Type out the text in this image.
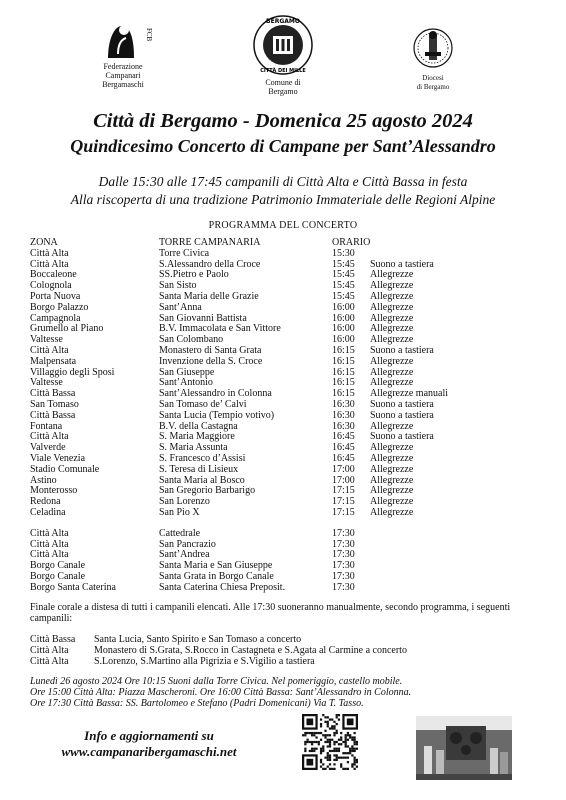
FCB
Federazione
Campanari
Bergamaschi
BERGAMO
CITTÀ DEI MILLE
Comune di
Bergamo
Diocesi
di Bergamo
Città di Bergamo - Domenica 25 agosto 2024
Quindicesimo Concerto di Campane per Sant’Alessandro
Dalle 15:30 alle 17:45 campanili di Città Alta e Città Bassa in festa
Alla riscoperta di una tradizione Patrimonio Immateriale delle Regioni Alpine
PROGRAMMA DEL CONCERTO
ZONA	TORRE CAMPANARIA	ORARIO
Città Alta	Torre Civica	15:30
Città Alta	S.Alessandro della Croce	15:45 Suono a tastiera
Boccaleone	SS.Pietro e Paolo	15:45 Allegrezze
Colognola	San Sisto	15:45 Allegrezze
Porta Nuova	Santa Maria delle Grazie	15:45 Allegrezze
Borgo Palazzo	Sant’Anna	16:00 Allegrezze
Campagnola	San Giovanni Battista	16:00 Allegrezze
Grumello al Piano	B.V. Immacolata e San Vittore	16:00 Allegrezze
Valtesse	San Colombano	16:00 Allegrezze
Città Alta	Monastero di Santa Grata	16:15 Suono a tastiera
Malpensata	Invenzione della S. Croce	16:15 Allegrezze
Villaggio degli Sposi	San Giuseppe	16:15 Allegrezze
Valtesse	Sant’Antonio	16:15 Allegrezze
Città Bassa	Sant’Alessandro in Colonna	16:15 Allegrezze manuali
San Tomaso	San Tomaso de’ Calvi	16:30 Suono a tastiera
Città Bassa	Santa Lucia (Tempio votivo)	16:30 Suono a tastiera
Fontana	B.V. della Castagna	16:30 Allegrezze
Città Alta	S. Maria Maggiore	16:45 Suono a tastiera
Valverde	S. Maria Assunta	16:45 Allegrezze
Viale Venezia	S. Francesco d’Assisi	16:45 Allegrezze
Stadio Comunale	S. Teresa di Lisieux	17:00 Allegrezze
Astino	Santa Maria al Bosco	17:00 Allegrezze
Monterosso	San Gregorio Barbarigo	17:15 Allegrezze
Redona	San Lorenzo	17:15 Allegrezze
Celadina	San Pio X	17:15 Allegrezze
Città Alta	Cattedrale	17:30
Città Alta	San Pancrazio	17:30
Città Alta	Sant’Andrea	17:30
Borgo Canale	Santa Maria e San Giuseppe	17:30
Borgo Canale	Santa Grata in Borgo Canale	17:30
Borgo Santa Caterina	Santa Caterina Chiesa Preposit.	17:30
Finale corale a distesa di tutti i campanili elencati. Alle 17:30 suoneranno manualmente, secondo programma, i seguenti campanili:
Città Bassa Santa Lucia, Santo Spirito e San Tomaso a concerto
Città Alta	Monastero di S.Grata, S.Rocco in Castagneta e S.Agata al Carmine a concerto
Città Alta	S.Lorenzo, S.Martino alla Pigrizia e S.Vigilio a tastiera
Lunedì 26 agosto 2024 Ore 10:15 Suoni dalla Torre Civica. Nel pomeriggio, castello mobile.
Ore 15:00 Città Alta: Piazza Mascheroni. Ore 16:00 Città Bassa: Sant’Alessandro in Colonna.
Ore 17:30 Città Bassa: SS. Bartolomeo e Stefano (Padri Domenicani) Via T. Tasso.
Info e aggiornamenti su
www.campanaribergamaschi.net
